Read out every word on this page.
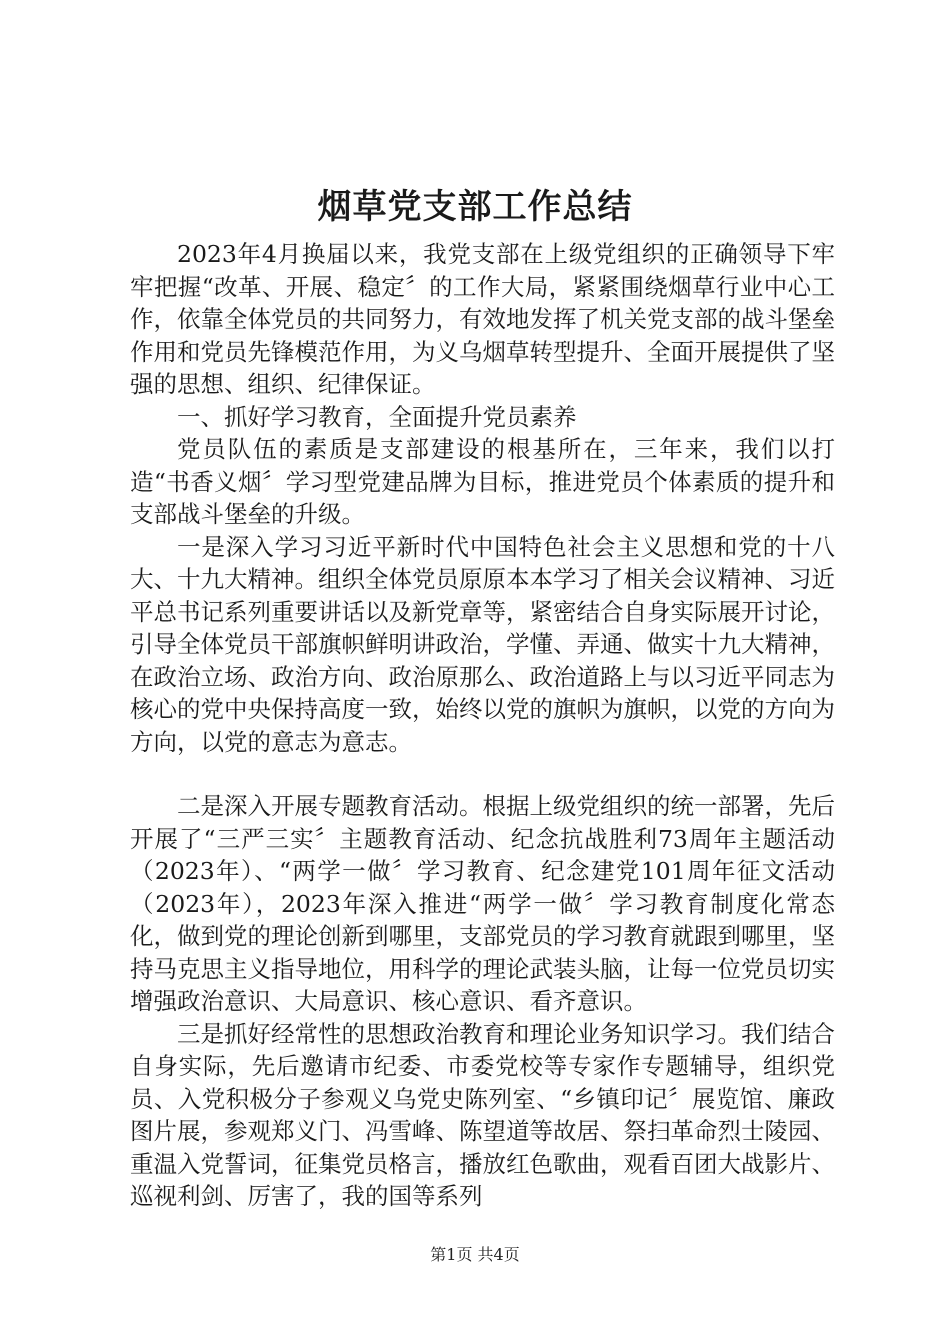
烟草党支部工作总结

2023年4月换届以来，我党支部在上级党组织的正确领导下牢牢把握“改革、开展、稳定〞的工作大局，紧紧围绕烟草行业中心工作，依靠全体党员的共同努力，有效地发挥了机关党支部的战斗堡垒作用和党员先锋模范作用，为义乌烟草转型提升、全面开展提供了坚强的思想、组织、纪律保证。

一、抓好学习教育，全面提升党员素养

党员队伍的素质是支部建设的根基所在，三年来，我们以打造“书香义烟〞学习型党建品牌为目标，推进党员个体素质的提升和支部战斗堡垒的升级。

一是深入学习习近平新时代中国特色社会主义思想和党的十八大、十九大精神。组织全体党员原原本本学习了相关会议精神、习近平总书记系列重要讲话以及新党章等，紧密结合自身实际展开讨论，引导全体党员干部旗帜鲜明讲政治，学懂、弄通、做实十九大精神，在政治立场、政治方向、政治原那么、政治道路上与以习近平同志为核心的党中央保持高度一致，始终以党的旗帜为旗帜，以党的方向为方向，以党的意志为意志。

二是深入开展专题教育活动。根据上级党组织的统一部署，先后开展了“三严三实〞主题教育活动、纪念抗战胜利73周年主题活动（2023年）、“两学一做〞学习教育、纪念建党101周年征文活动（2023年），2023年深入推进“两学一做〞学习教育制度化常态化，做到党的理论创新到哪里，支部党员的学习教育就跟到哪里，坚持马克思主义指导地位，用科学的理论武装头脑，让每一位党员切实增强政治意识、大局意识、核心意识、看齐意识。

三是抓好经常性的思想政治教育和理论业务知识学习。我们结合自身实际，先后邀请市纪委、市委党校等专家作专题辅导，组织党员、入党积极分子参观义乌党史陈列室、“乡镇印记〞展览馆、廉政图片展，参观郑义门、冯雪峰、陈望道等故居、祭扫革命烈士陵园、重温入党誓词，征集党员格言，播放红色歌曲，观看百团大战影片、巡视利剑、厉害了，我的国等系列

第1页 共4页
